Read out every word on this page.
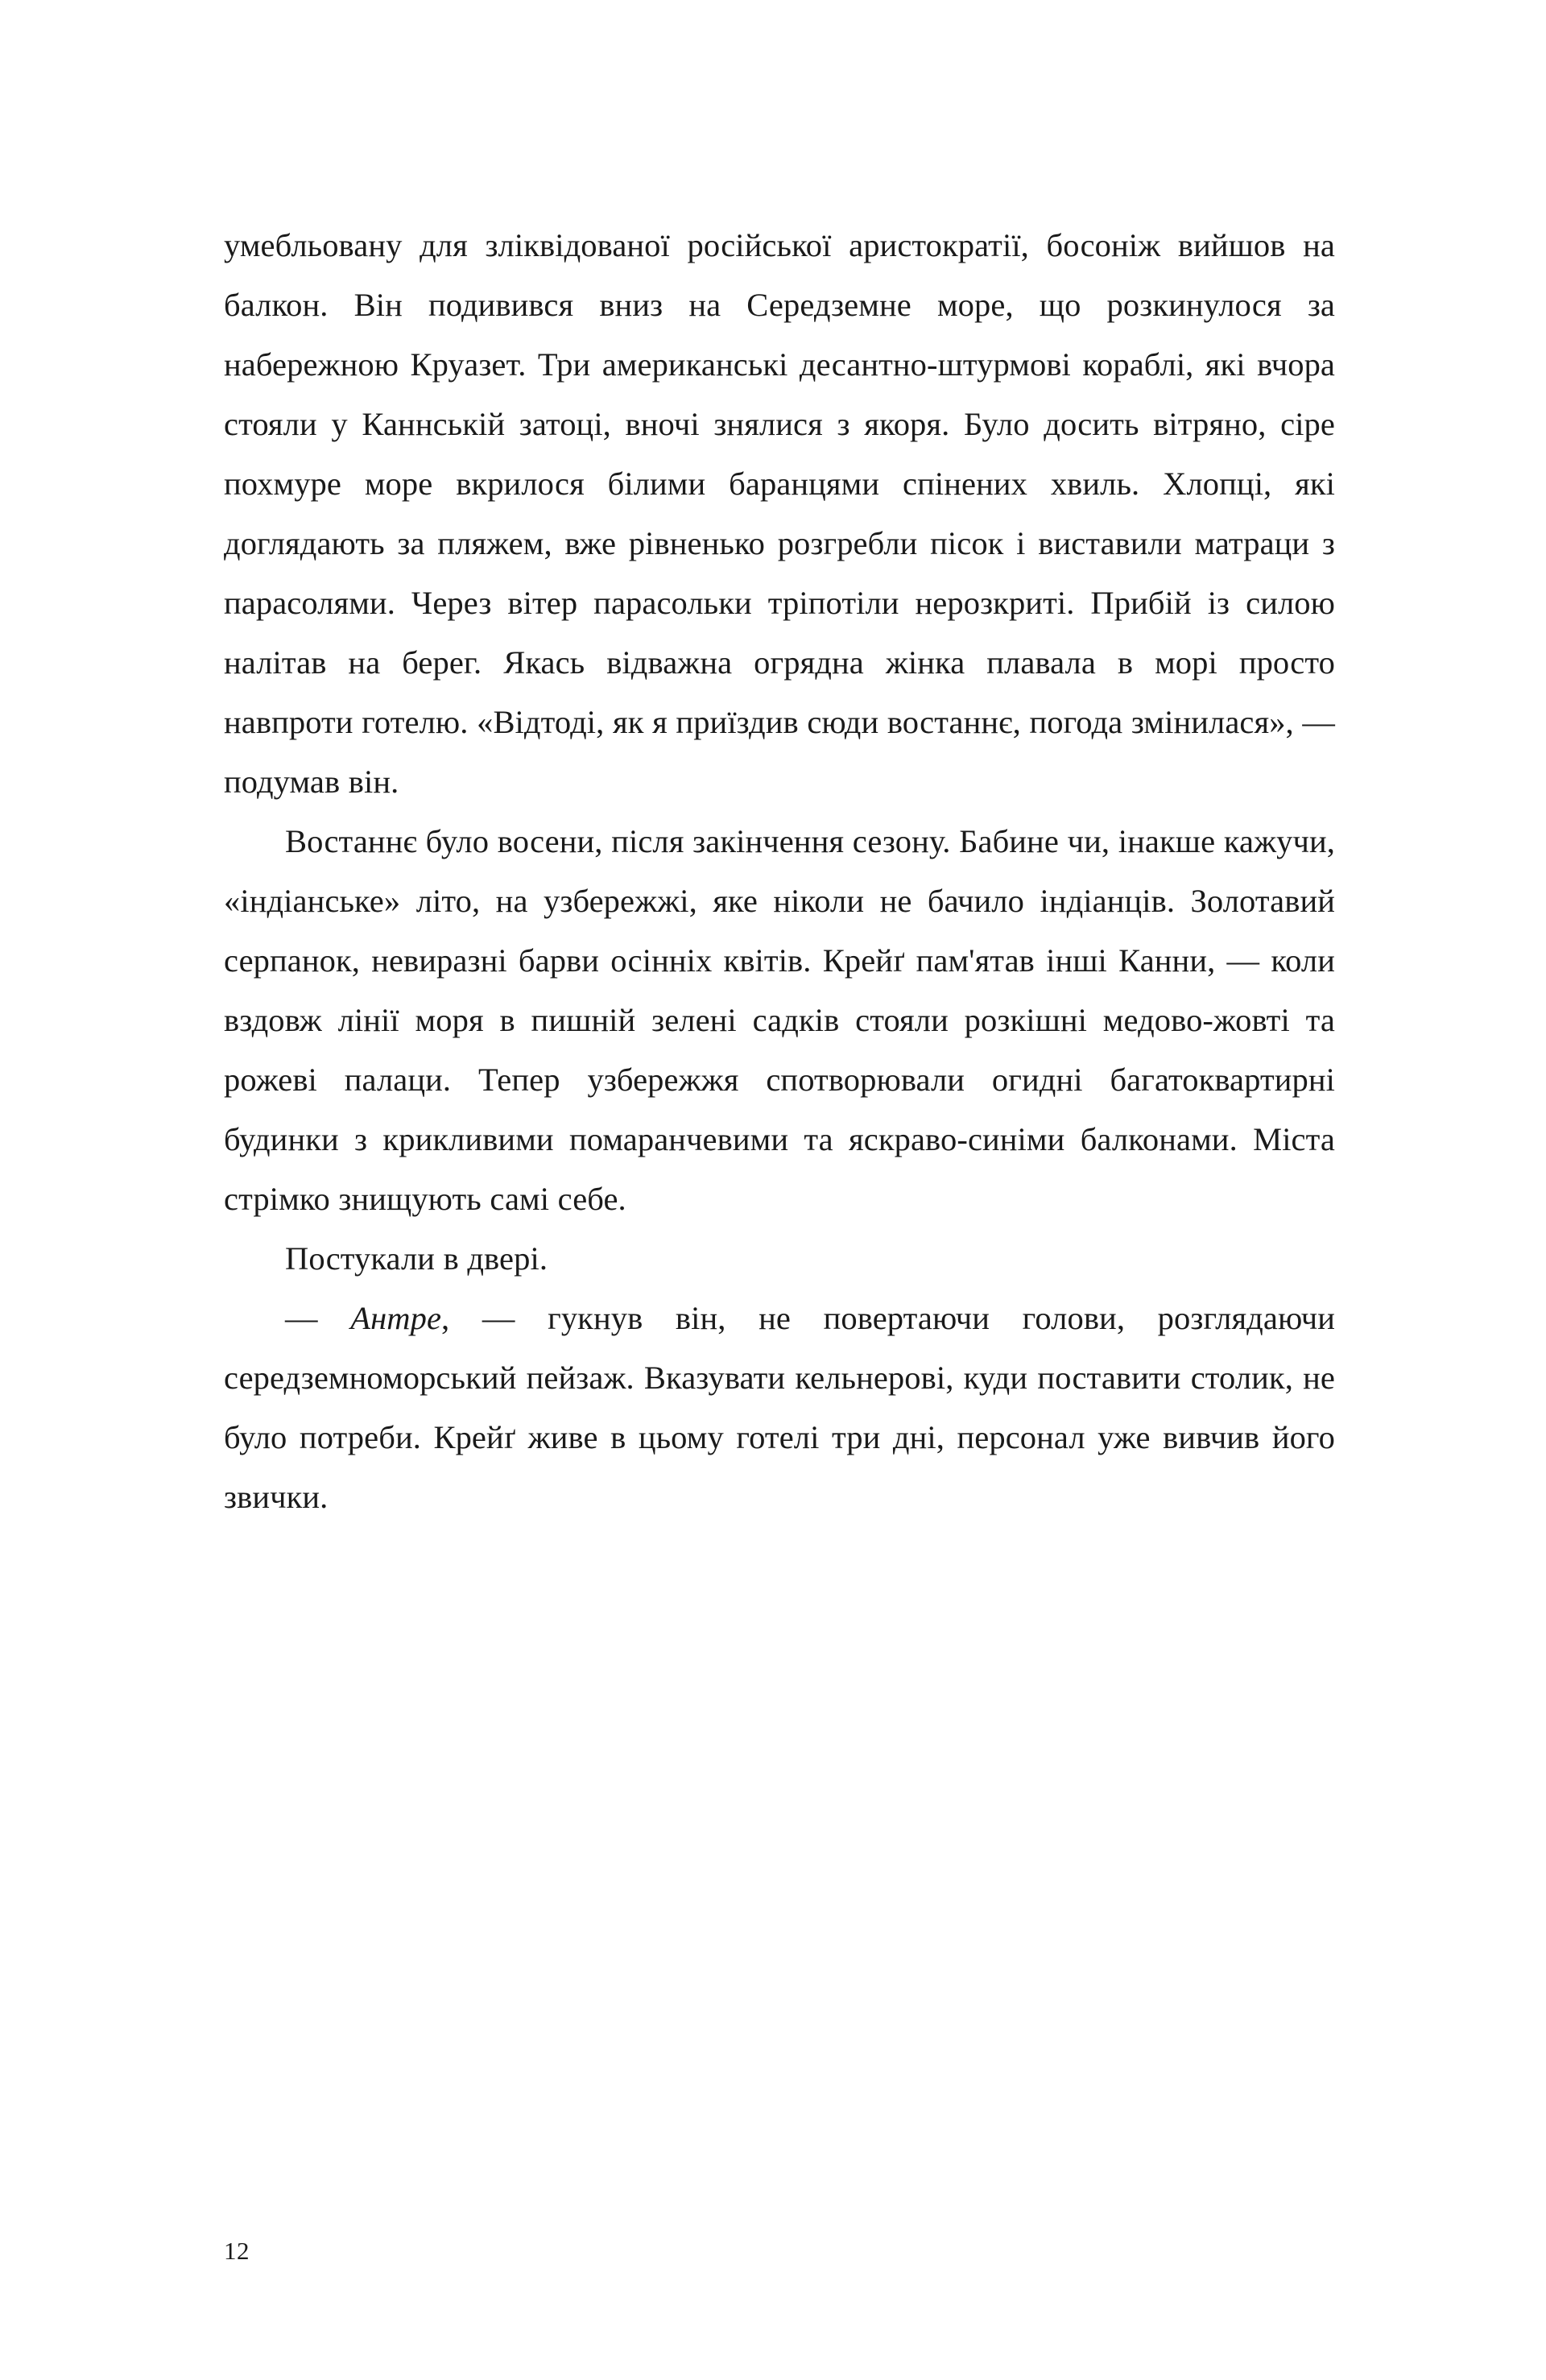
умебльовану для зліквідованої російської аристократії, босоніж вийшов на балкон. Він подивився вниз на Середземне море, що розкинулося за набережною Круазет. Три американські десантно-штурмові кораблі, які вчора стояли у Каннській затоці, вночі знялися з якоря. Було досить вітряно, сіре похмуре море вкрилося білими баранцями спінених хвиль. Хлопці, які доглядають за пляжем, вже рівненько розгребли пісок і виставили матраци з парасолями. Через вітер парасольки тріпотіли нерозкриті. Прибій із силою налітав на берег. Якась відважна огрядна жінка плавала в морі просто навпроти готелю. «Відтоді, як я приїздив сюди востаннє, погода змінилася», — подумав він.

Востаннє було восени, після закінчення сезону. Бабине чи, інакше кажучи, «індіанське» літо, на узбережжі, яке ніколи не бачило індіанців. Золотавий серпанок, невиразні барви осінніх квітів. Крейґ пам'ятав інші Канни, — коли вздовж лінії моря в пишній зелені садків стояли розкішні медово-жовті та рожеві палаци. Тепер узбережжя спотворювали огидні багатоквартирні будинки з крикливими помаранчевими та яскраво-синіми балконами. Міста стрімко знищують самі себе.

Постукали в двері.

— Антре, — гукнув він, не повертаючи голови, розглядаючи середземноморський пейзаж. Вказувати кельнерові, куди поставити столик, не було потреби. Крейґ живе в цьому готелі три дні, персонал уже вивчив його звички.

12
